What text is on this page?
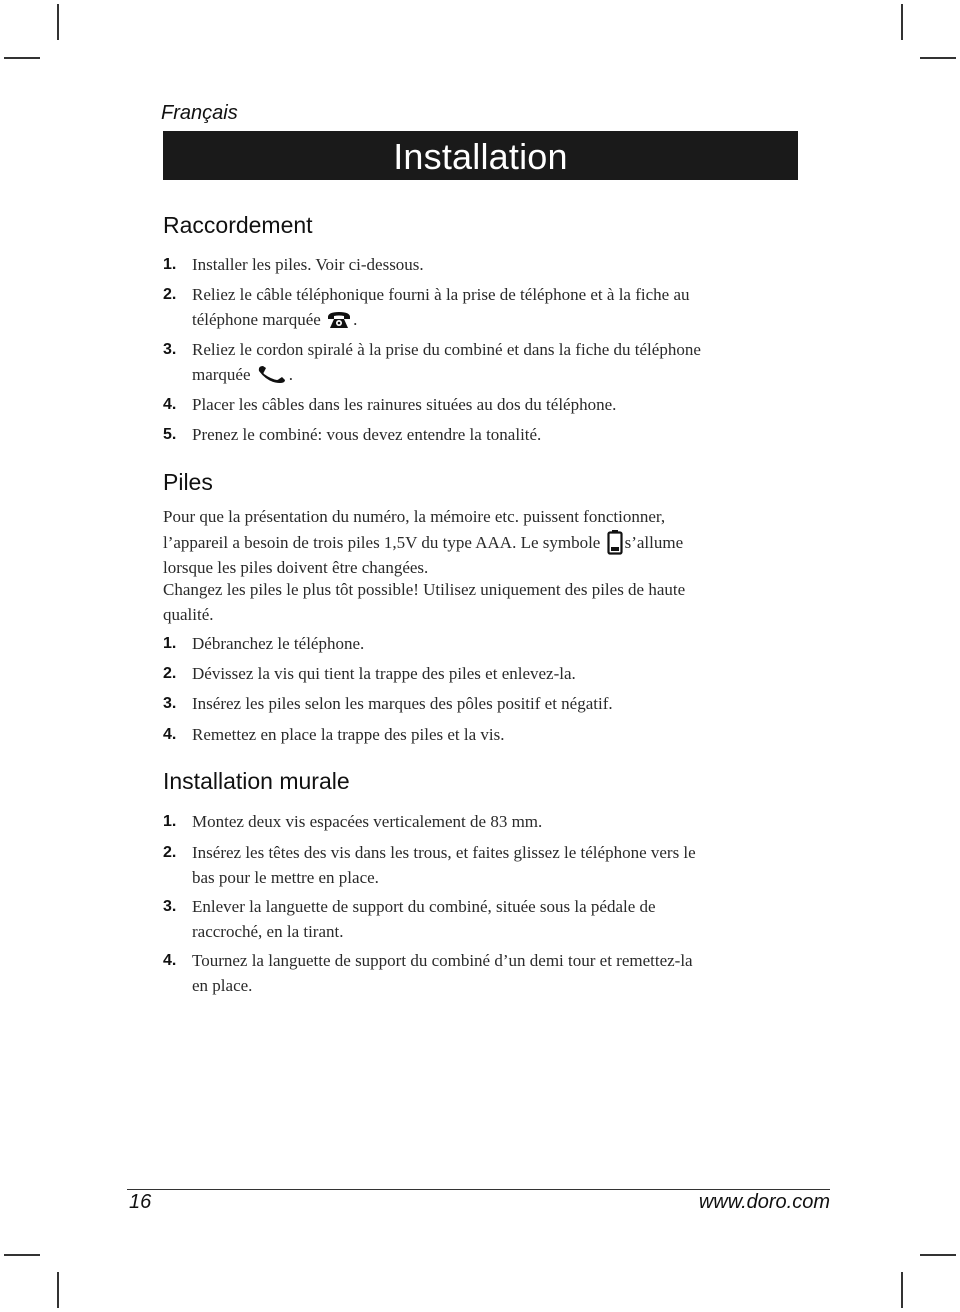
Français
Installation
Raccordement
1. Installer les piles. Voir ci-dessous.
2. Reliez le câble téléphonique fourni à la prise de téléphone et à la fiche au
téléphone marquée .
3. Reliez le cordon spiralé à la prise du combiné et dans la fiche du téléphone
marquée .
4. Placer les câbles dans les rainures situées au dos du téléphone.
5. Prenez le combiné: vous devez entendre la tonalité.
Piles
Pour que la présentation du numéro, la mémoire etc. puissent fonctionner,
l’appareil a besoin de trois piles 1,5V du type AAA. Le symbole s’allume
lorsque les piles doivent être changées.
Changez les piles le plus tôt possible! Utilisez uniquement des piles de haute
qualité.
1. Débranchez le téléphone.
2. Dévissez la vis qui tient la trappe des piles et enlevez-la.
3. Insérez les piles selon les marques des pôles positif et négatif.
4. Remettez en place la trappe des piles et la vis.
Installation murale
1. Montez deux vis espacées verticalement de 83 mm.
2. Insérez les têtes des vis dans les trous, et faites glissez le téléphone vers le
bas pour le mettre en place.
3. Enlever la languette de support du combiné, située sous la pédale de
raccroché, en la tirant.
4. Tournez la languette de support du combiné d’un demi tour et remettez-la
en place.
16	www.doro.com
